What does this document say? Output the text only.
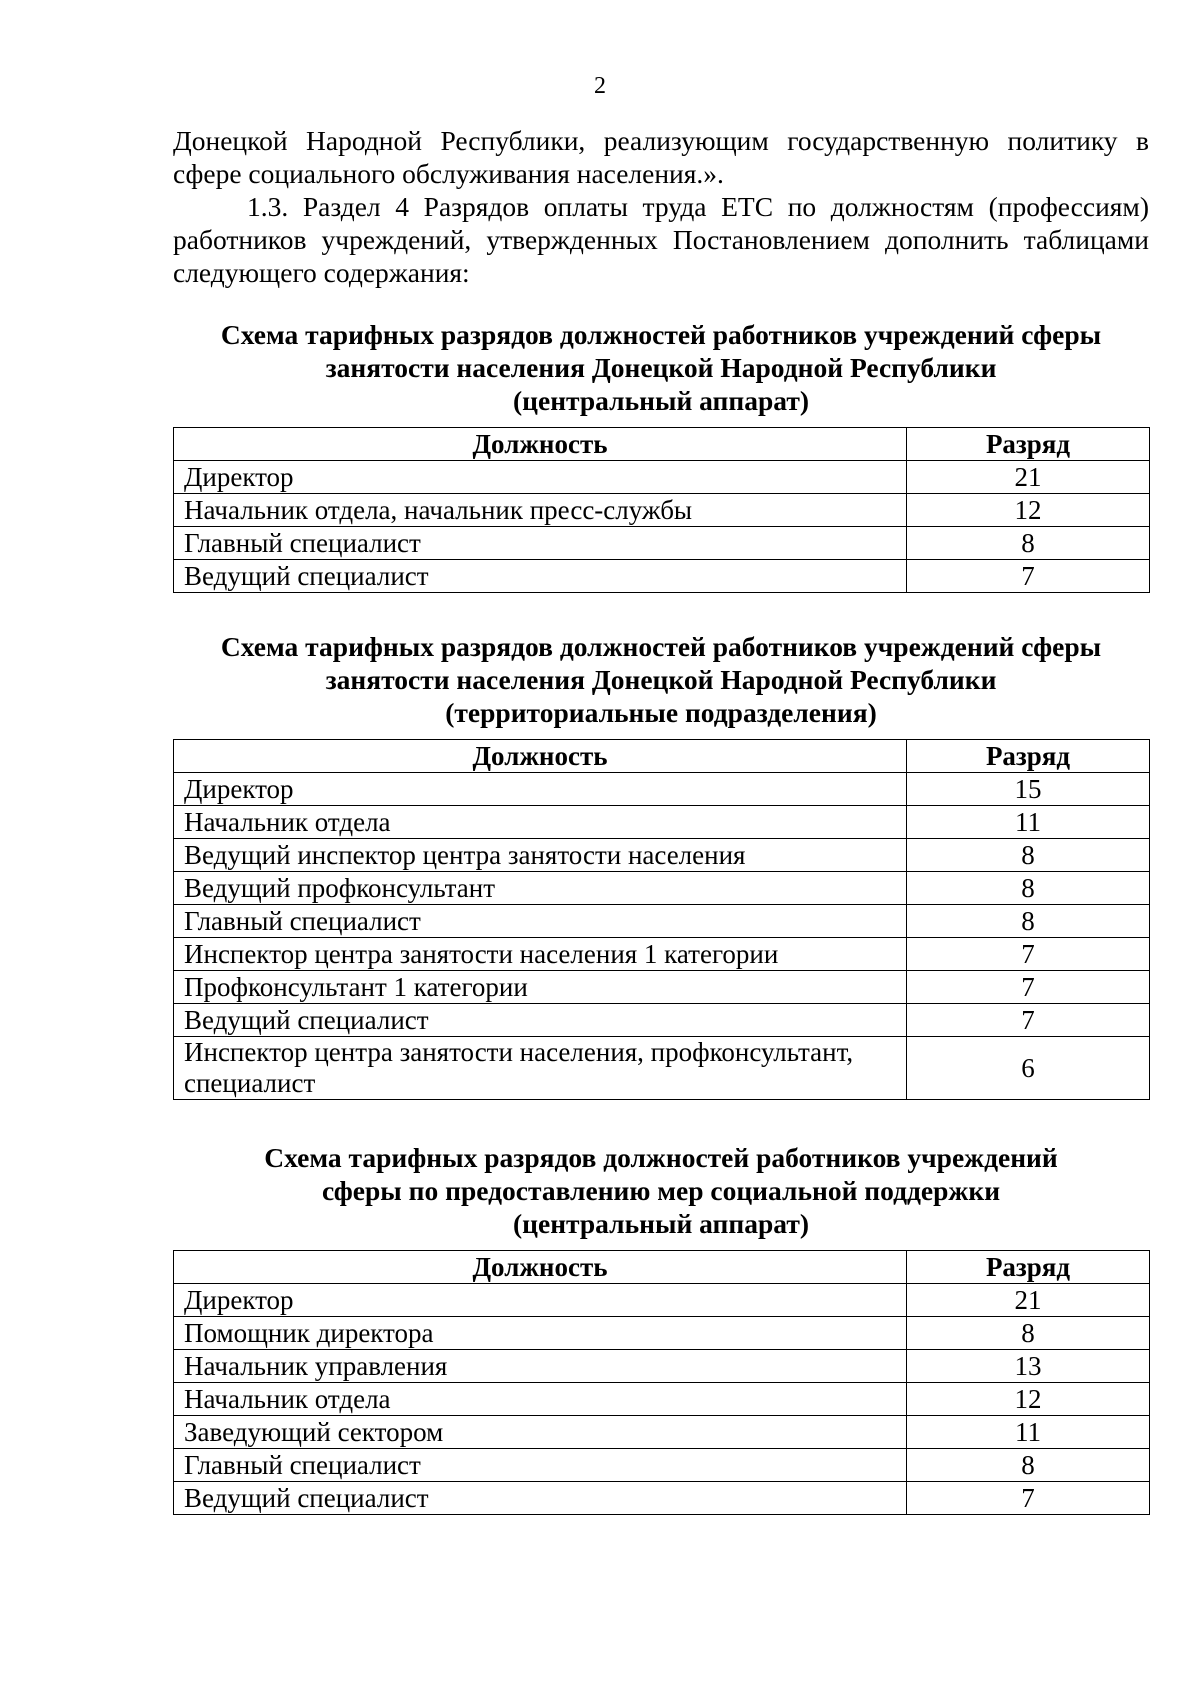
2

Донецкой Народной Республики, реализующим государственную политику в сфере социального обслуживания населения.».

1.3. Раздел 4 Разрядов оплаты труда ЕТС по должностям (профессиям) работников учреждений, утвержденных Постановлением дополнить таблицами следующего содержания:

Схема тарифных разрядов должностей работников учреждений сферы
занятости населения Донецкой Народной Республики
(центральный аппарат)
Должность	Разряд
Директор	21
Начальник отдела, начальник пресс-службы	12
Главный специалист	8
Ведущий специалист	7
Схема тарифных разрядов должностей работников учреждений сферы
занятости населения Донецкой Народной Республики
(территориальные подразделения)
Должность	Разряд
Директор	15
Начальник отдела	11
Ведущий инспектор центра занятости населения	8
Ведущий профконсультант	8
Главный специалист	8
Инспектор центра занятости населения 1 категории	7
Профконсультант 1 категории	7
Ведущий специалист	7
Инспектор центра занятости населения, профконсультант, специалист	6
Схема тарифных разрядов должностей работников учреждений
сферы по предоставлению мер социальной поддержки
(центральный аппарат)
Должность	Разряд
Директор	21
Помощник директора	8
Начальник управления	13
Начальник отдела	12
Заведующий сектором	11
Главный специалист	8
Ведущий специалист	7
